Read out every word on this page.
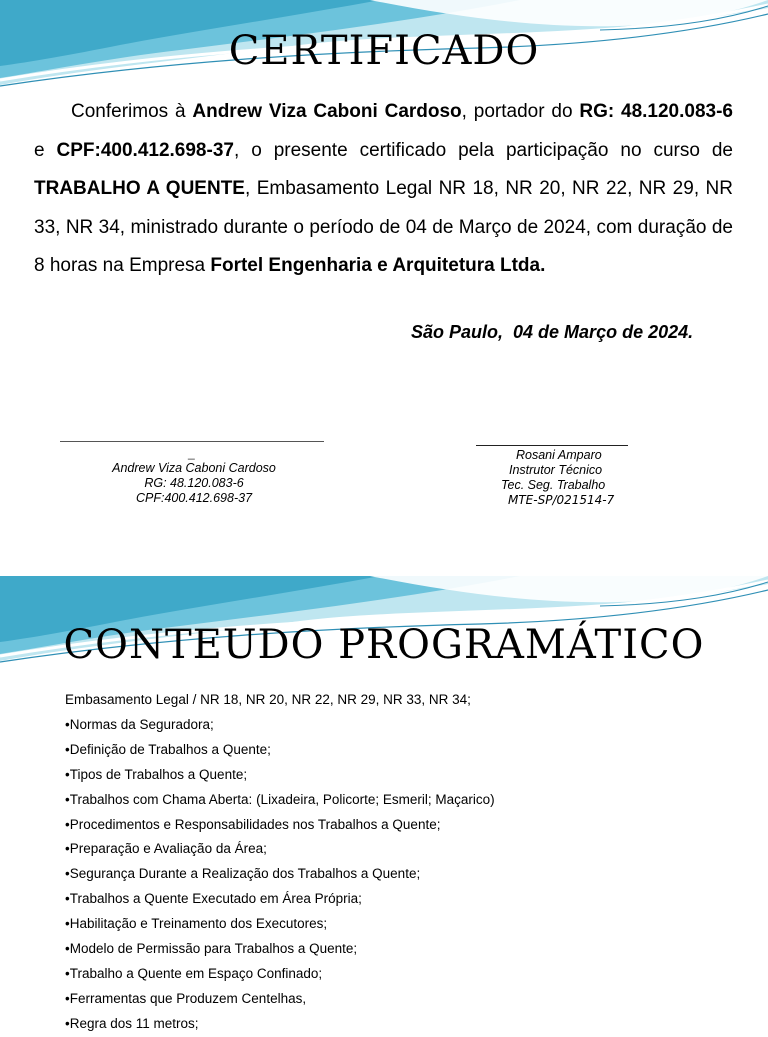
CERTIFICADO

Conferimos à Andrew Viza Caboni Cardoso, portador do RG: 48.120.083-6 e CPF:400.412.698-37, o presente certificado pela participação no curso de TRABALHO A QUENTE, Embasamento Legal NR 18, NR 20, NR 22, NR 29, NR 33, NR 34, ministrado durante o período de 04 de Março de 2024, com duração de 8 horas na Empresa Fortel Engenharia e Arquitetura Ltda.

São Paulo,  04 de Março de 2024.
_
Andrew Viza Caboni Cardoso
RG: 48.120.083-6
CPF:400.412.698-37
Rosani Amparo
Instrutor Técnico
Tec. Seg. Trabalho
MTE-SP/021514-7
CONTEUDO PROGRAMÁTICO
Embasamento Legal / NR 18, NR 20, NR 22, NR 29, NR 33, NR 34;
•Normas da Seguradora;
•Definição de Trabalhos a Quente;
•Tipos de Trabalhos a Quente;
•Trabalhos com Chama Aberta: (Lixadeira, Policorte; Esmeril; Maçarico)
•Procedimentos e Responsabilidades nos Trabalhos a Quente;
•Preparação e Avaliação da Área;
•Segurança Durante a Realização dos Trabalhos a Quente;
•Trabalhos a Quente Executado em Área Própria;
•Habilitação e Treinamento dos Executores;
•Modelo de Permissão para Trabalhos a Quente;
•Trabalho a Quente em Espaço Confinado;
•Ferramentas que Produzem Centelhas,
•Regra dos 11 metros;
